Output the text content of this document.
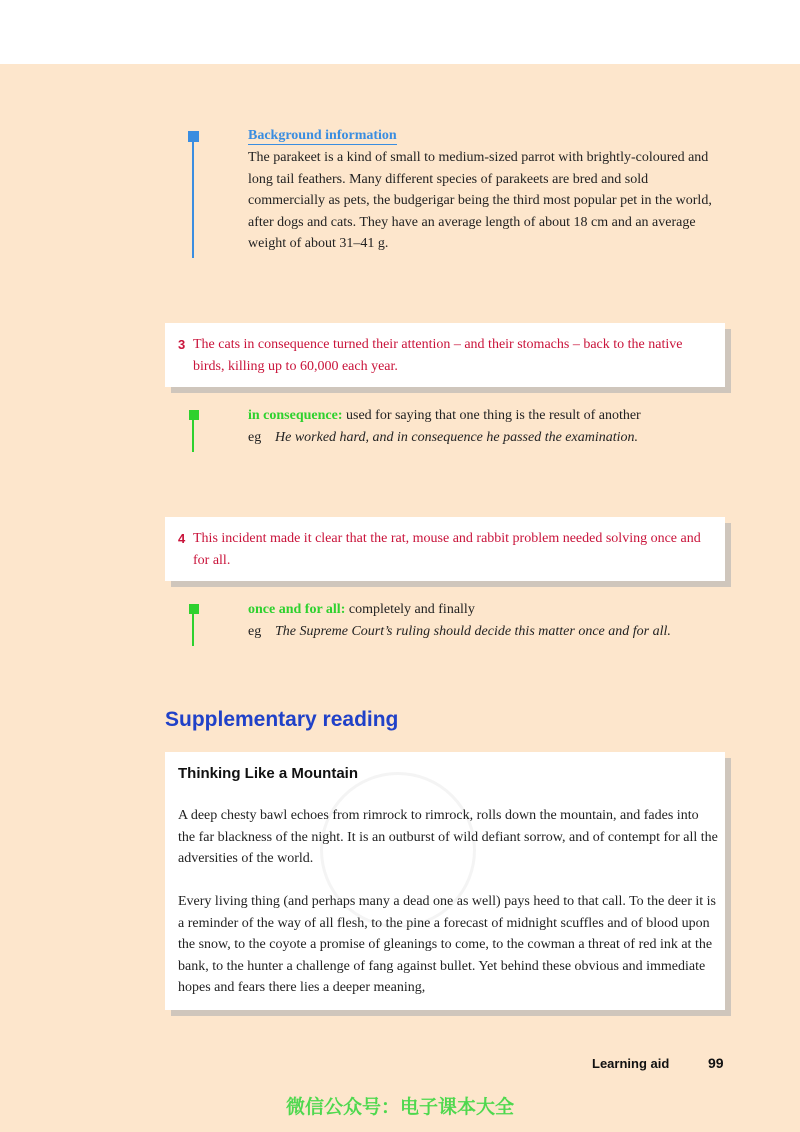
Background information
The parakeet is a kind of small to medium-sized parrot with brightly-coloured and long tail feathers. Many different species of parakeets are bred and sold commercially as pets, the budgerigar being the third most popular pet in the world, after dogs and cats. They have an average length of about 18 cm and an average weight of about 31–41 g.
3 The cats in consequence turned their attention – and their stomachs – back to the native birds, killing up to 60,000 each year.
in consequence: used for saying that one thing is the result of another
eg He worked hard, and in consequence he passed the examination.
4 This incident made it clear that the rat, mouse and rabbit problem needed solving once and for all.
once and for all: completely and finally
eg The Supreme Court’s ruling should decide this matter once and for all.
Supplementary reading
Thinking Like a Mountain
A deep chesty bawl echoes from rimrock to rimrock, rolls down the mountain, and fades into the far blackness of the night. It is an outburst of wild defiant sorrow, and of contempt for all the adversities of the world.
Every living thing (and perhaps many a dead one as well) pays heed to that call. To the deer it is a reminder of the way of all flesh, to the pine a forecast of midnight scuffles and of blood upon the snow, to the coyote a promise of gleanings to come, to the cowman a threat of red ink at the bank, to the hunter a challenge of fang against bullet. Yet behind these obvious and immediate hopes and fears there lies a deeper meaning,
Learning aid	99
微信公众号：电子课本大全
